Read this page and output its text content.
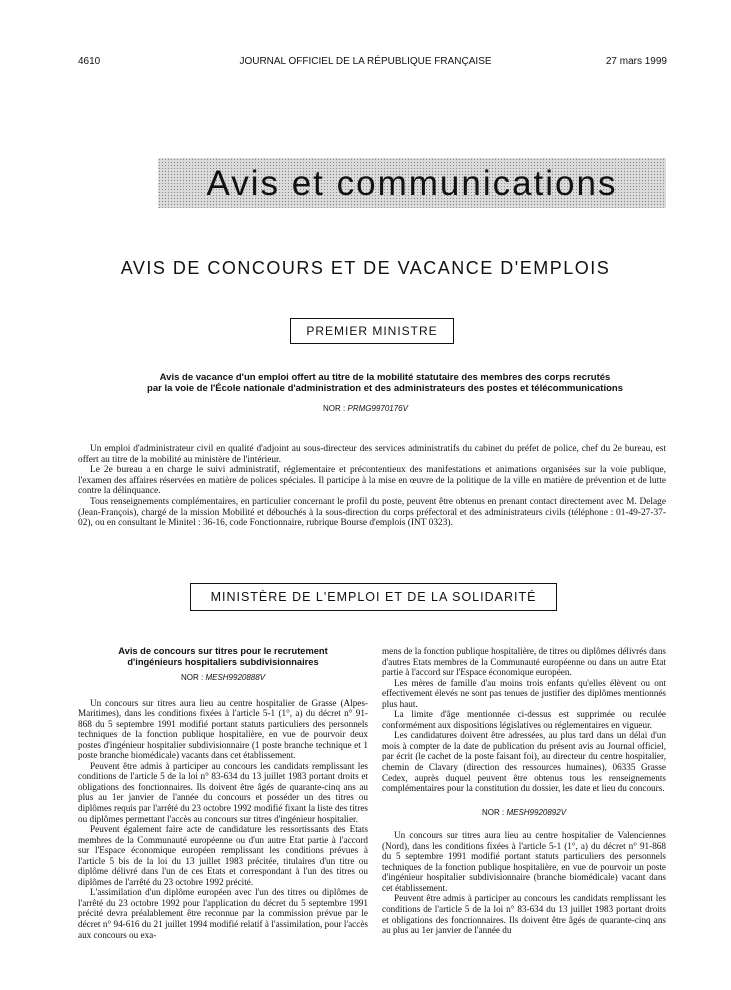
4610	JOURNAL OFFICIEL DE LA RÉPUBLIQUE FRANÇAISE	27 mars 1999
Avis et communications
AVIS DE CONCOURS ET DE VACANCE D'EMPLOIS
PREMIER MINISTRE
Avis de vacance d'un emploi offert au titre de la mobilité statutaire des membres des corps recrutés
par la voie de l'École nationale d'administration et des administrateurs des postes et télécommunications
NOR : PRMG9970176V

Un emploi d'administrateur civil en qualité d'adjoint au sous-directeur des services administratifs du cabinet du préfet de police, chef du 2e bureau, est offert au titre de la mobilité au ministère de l'intérieur.

Le 2e bureau a en charge le suivi administratif, réglementaire et précontentieux des manifestations et animations organisées sur la voie publique, l'examen des affaires réservées en matière de polices spéciales. Il participe à la mise en œuvre de la politique de la ville en matière de prévention et de lutte contre la délinquance.

Tous renseignements complémentaires, en particulier concernant le profil du poste, peuvent être obtenus en prenant contact directement avec M. Delage (Jean-François), chargé de la mission Mobilité et débouchés à la sous-direction du corps préfectoral et des administrateurs civils (téléphone : 01-49-27-37-02), ou en consultant le Minitel : 36-16, code Fonctionnaire, rubrique Bourse d'emplois (INT 0323).

MINISTÈRE DE L'EMPLOI ET DE LA SOLIDARITÉ
Avis de concours sur titres pour le recrutement d'ingénieurs hospitaliers subdivisionnaires
NOR : MESH9920888V

Un concours sur titres aura lieu au centre hospitalier de Grasse (Alpes-Maritimes), dans les conditions fixées à l'article 5-1 (1°, a) du décret n° 91-868 du 5 septembre 1991 modifié portant statuts particuliers des personnels techniques de la fonction publique hospitalière, en vue de pourvoir deux postes d'ingénieur hospitalier subdivisionnaire (1 poste branche technique et 1 poste branche biomédicale) vacants dans cet établissement.

Peuvent être admis à participer au concours les candidats remplissant les conditions de l'article 5 de la loi n° 83-634 du 13 juillet 1983 portant droits et obligations des fonctionnaires. Ils doivent être âgés de quarante-cinq ans au plus au 1er janvier de l'année du concours et posséder un des titres ou diplômes requis par l'arrêté du 23 octobre 1992 modifié fixant la liste des titres ou diplômes permettant l'accès au concours sur titres d'ingénieur hospitalier.

Peuvent également faire acte de candidature les ressortissants des Etats membres de la Communauté européenne ou d'un autre Etat partie à l'accord sur l'Espace économique européen remplissant les conditions prévues à l'article 5 bis de la loi du 13 juillet 1983 précitée, titulaires d'un titre ou diplôme délivré dans l'un de ces Etats et correspondant à l'un des titres ou diplômes de l'arrêté du 23 octobre 1992 précité.

L'assimilation d'un diplôme européen avec l'un des titres ou diplômes de l'arrêté du 23 octobre 1992 pour l'application du décret du 5 septembre 1991 précité devra préalablement être reconnue par la commission prévue par le décret n° 94-616 du 21 juillet 1994 modifié relatif à l'assimilation, pour l'accès aux concours ou exa-

mens de la fonction publique hospitalière, de titres ou diplômes délivrés dans d'autres Etats membres de la Communauté européenne ou dans un autre Etat partie à l'accord sur l'Espace économique européen.

Les mères de famille d'au moins trois enfants qu'elles élèvent ou ont effectivement élevés ne sont pas tenues de justifier des diplômes mentionnés plus haut.

La limite d'âge mentionnée ci-dessus est supprimée ou reculée conformément aux dispositions législatives ou réglementaires en vigueur.

Les candidatures doivent être adressées, au plus tard dans un délai d'un mois à compter de la date de publication du présent avis au Journal officiel, par écrit (le cachet de la poste faisant foi), au directeur du centre hospitalier, chemin de Clavary (direction des ressources humaines), 06335 Grasse Cedex, auprès duquel peuvent être obtenus tous les renseignements complémentaires pour la constitution du dossier, les date et lieu du concours.

NOR : MESH9920892V

Un concours sur titres aura lieu au centre hospitalier de Valenciennes (Nord), dans les conditions fixées à l'article 5-1 (1°, a) du décret n° 91-868 du 5 septembre 1991 modifié portant statuts particuliers des personnels techniques de la fonction publique hospitalière, en vue de pourvoir un poste d'ingénieur hospitalier subdivisionnaire (branche biomédicale) vacant dans cet établissement.

Peuvent être admis à participer au concours les candidats remplissant les conditions de l'article 5 de la loi n° 83-634 du 13 juillet 1983 portant droits et obligations des fonctionnaires. Ils doivent être âgés de quarante-cinq ans au plus au 1er janvier de l'année du
